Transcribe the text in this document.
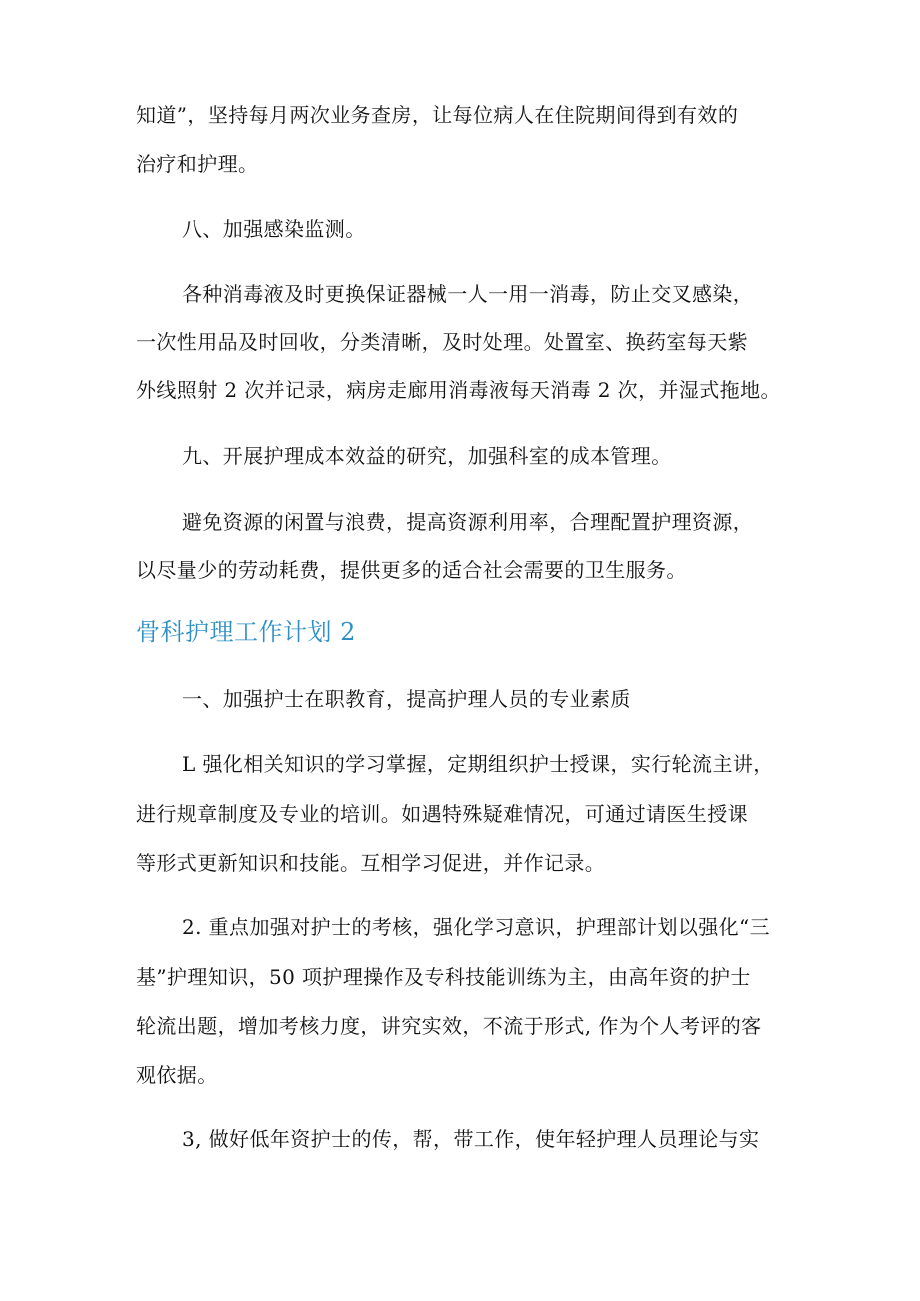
知道”，坚持每月两次业务查房，让每位病人在住院期间得到有效的
治疗和护理。
八、加强感染监测。
各种消毒液及时更换保证器械一人一用一消毒，防止交叉感染，
一次性用品及时回收，分类清晰，及时处理。处置室、换药室每天紫
外线照射 2 次并记录，病房走廊用消毒液每天消毒 2 次，并湿式拖地。
九、开展护理成本效益的研究，加强科室的成本管理。
避免资源的闲置与浪费，提高资源利用率，合理配置护理资源，
以尽量少的劳动耗费，提供更多的适合社会需要的卫生服务。
骨科护理工作计划 2
一、加强护士在职教育，提高护理人员的专业素质
L 强化相关知识的学习掌握，定期组织护士授课，实行轮流主讲，
进行规章制度及专业的培训。如遇特殊疑难情况，可通过请医生授课
等形式更新知识和技能。互相学习促进，并作记录。
2. 重点加强对护士的考核，强化学习意识，护理部计划以强化“三
基”护理知识，50 项护理操作及专科技能训练为主，由高年资的护士
轮流出题，增加考核力度，讲究实效，不流于形式, 作为个人考评的客
观依据。
3, 做好低年资护士的传，帮，带工作，使年轻护理人员理论与实
